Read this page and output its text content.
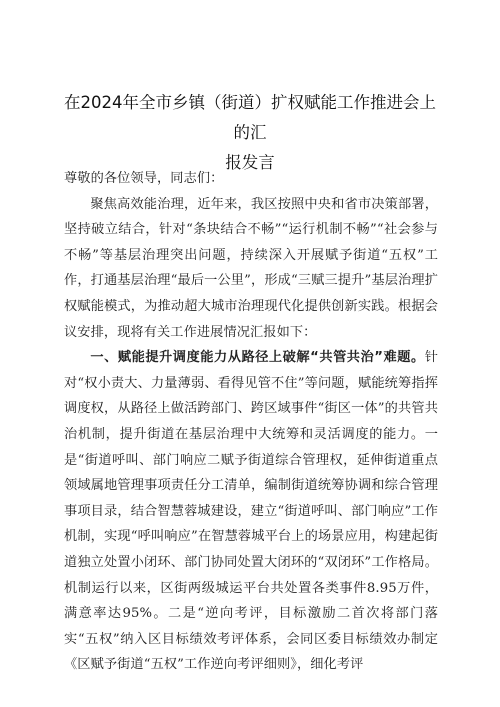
在2024年全市乡镇（街道）扩权赋能工作推进会上的汇
报发言

尊敬的各位领导，同志们：

聚焦高效能治理，近年来，我区按照中央和省市决策部署，坚持破立结合，针对“条块结合不畅”“运行机制不畅”“社会参与不畅”等基层治理突出问题，持续深入开展赋予街道“五权”工作，打通基层治理“最后一公里”，形成“三赋三提升”基层治理扩权赋能模式，为推动超大城市治理现代化提供创新实践。根据会议安排，现将有关工作进展情况汇报如下：

一、赋能提升调度能力从路径上破解“共管共治”难题。针对“权小责大、力量薄弱、看得见管不住”等问题，赋能统筹指挥调度权，从路径上做活跨部门、跨区域事件“街区一体”的共管共治机制，提升街道在基层治理中大统筹和灵活调度的能力。一是“街道呼叫、部门响应二赋予街道综合管理权，延伸街道重点领域属地管理事项责任分工清单，编制街道统筹协调和综合管理事项目录，结合智慧蓉城建设，建立“街道呼叫、部门响应”工作机制，实现“呼叫响应”在智慧蓉城平台上的场景应用，构建起街道独立处置小闭环、部门协同处置大闭环的“双闭环”工作格局。机制运行以来，区街两级城运平台共处置各类事件8.95万件，满意率达95%。二是“逆向考评，目标激励二首次将部门落实“五权”纳入区目标绩效考评体系，会同区委目标绩效办制定《区赋予街道“五权”工作逆向考评细则》，细化考评
